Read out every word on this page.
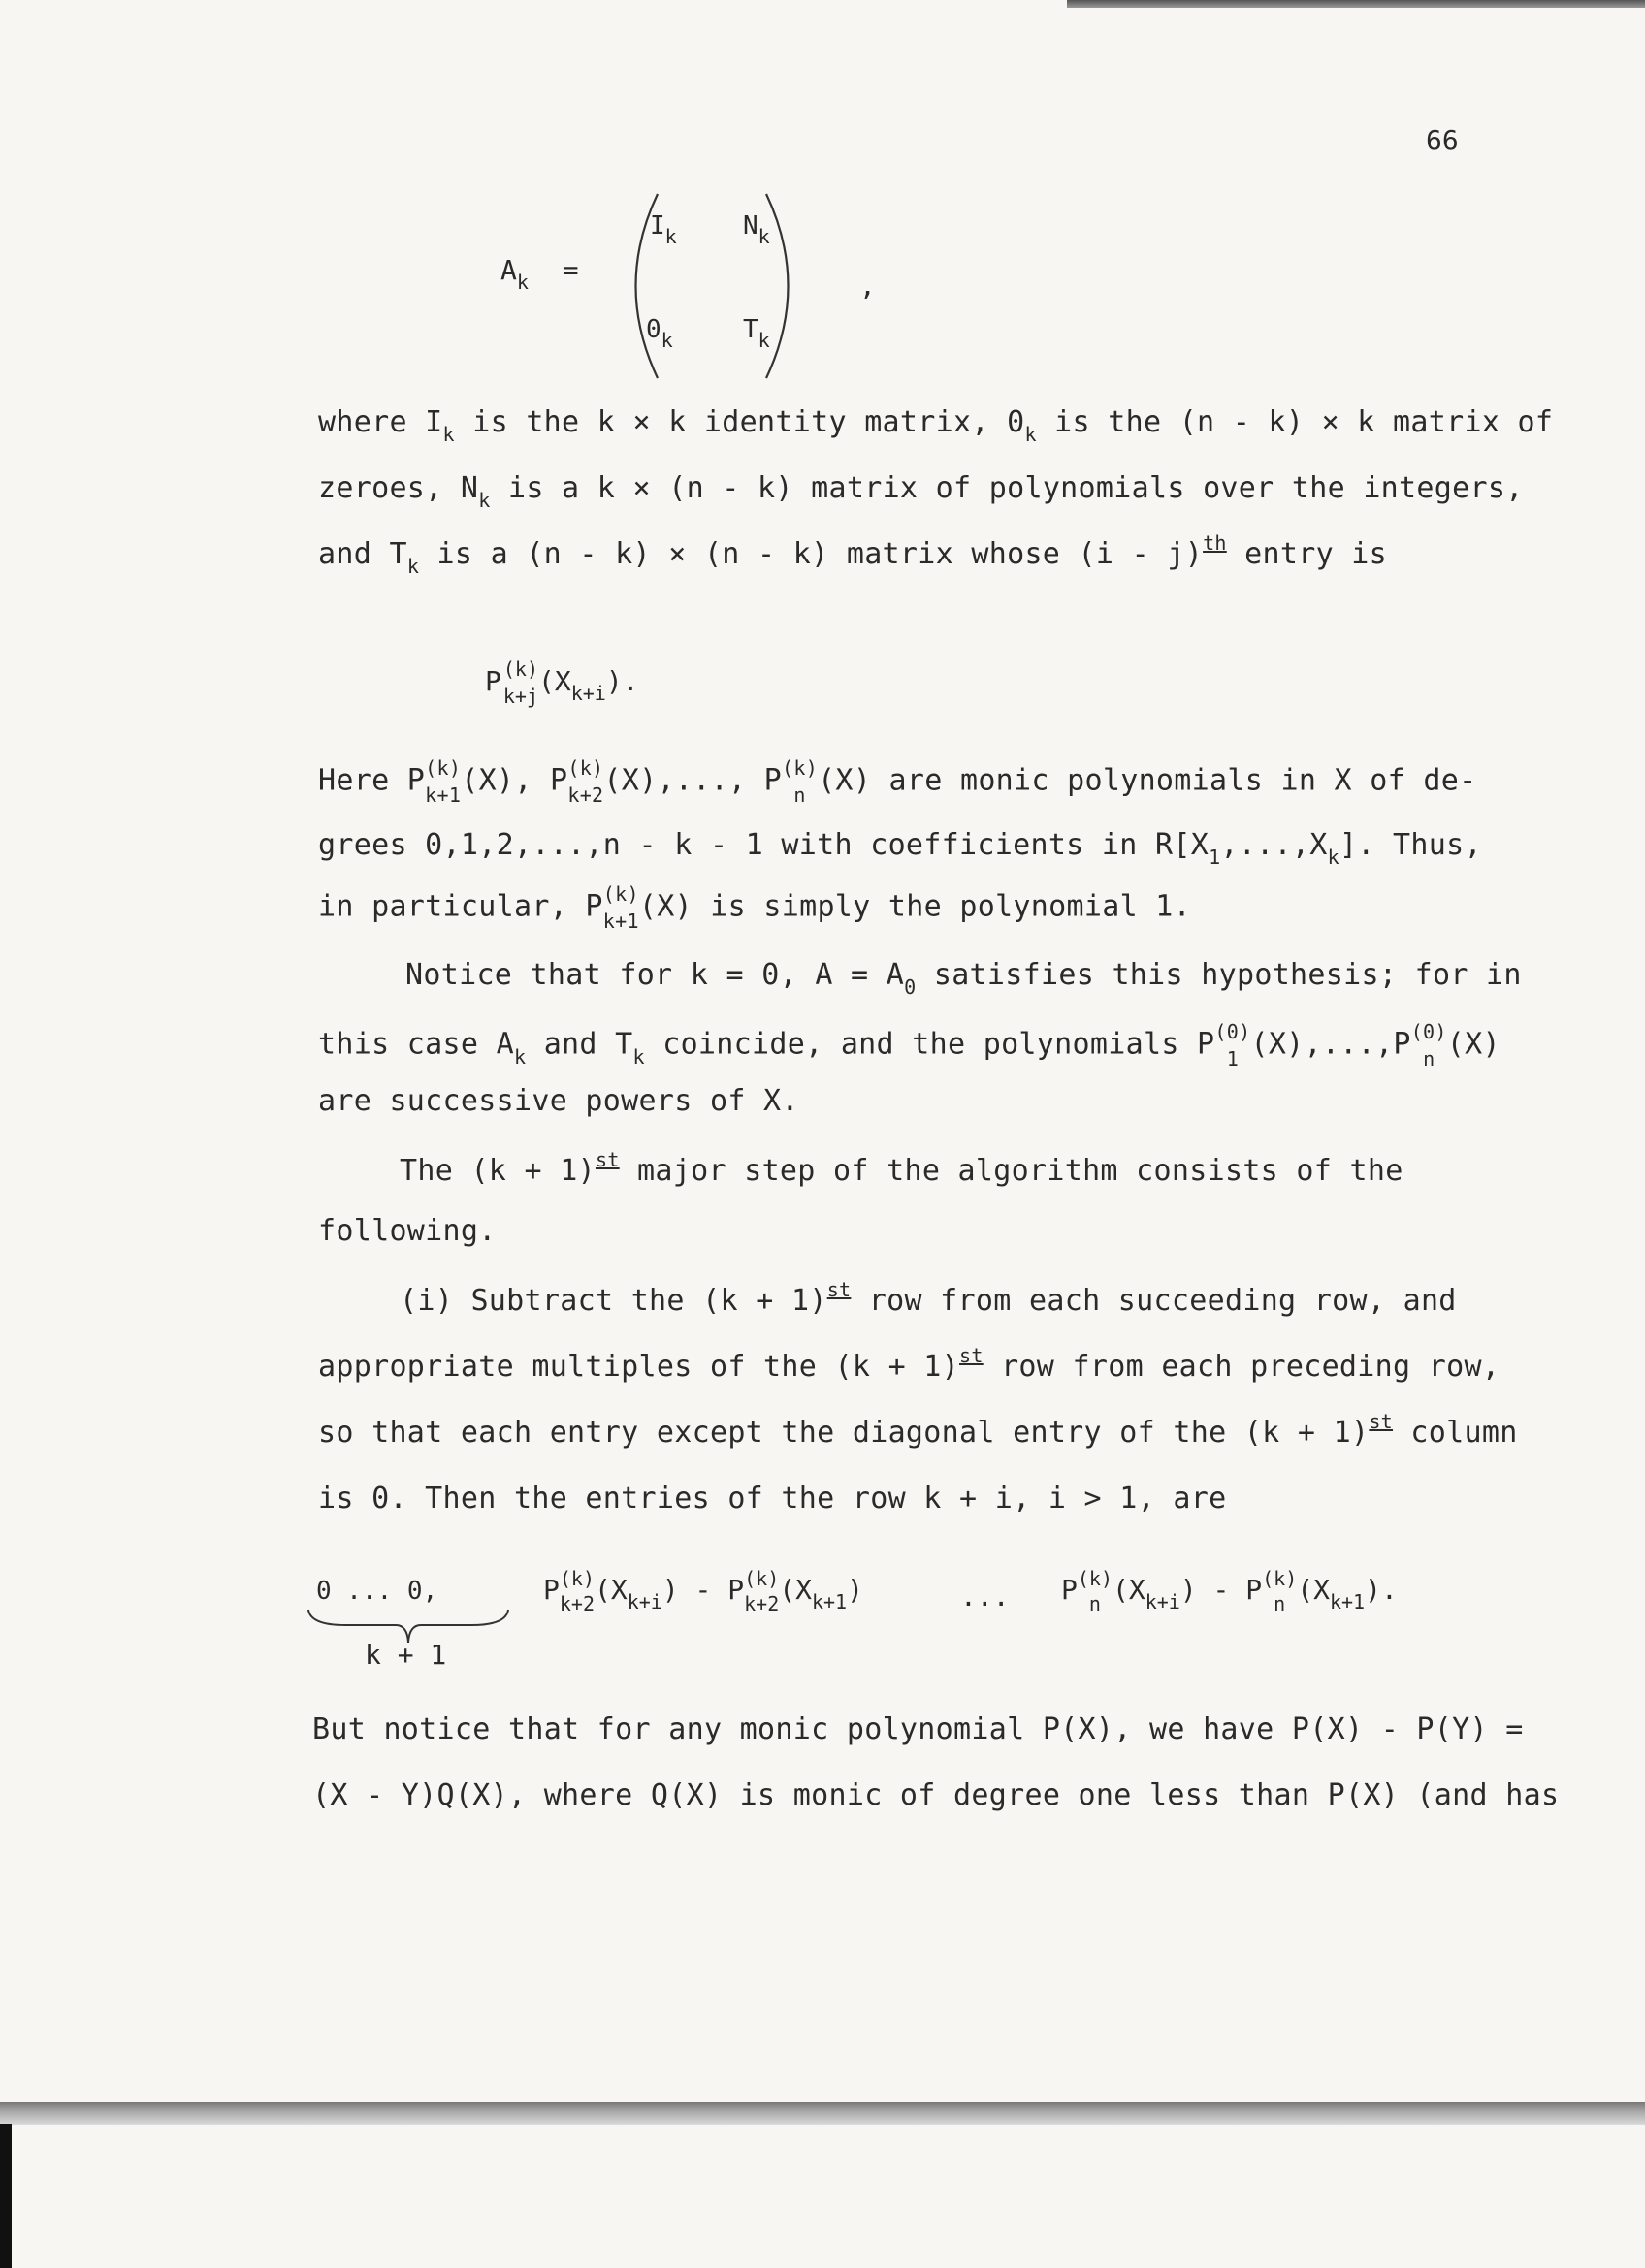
66
$A_k$ =
$I_k$	$N_k$
$0_k$	$T_k$
,
where $I_k$ is the k × k identity matrix, $0_k$ is the (n - k) × k matrix of
zeroes, $N_k$ is a k × (n - k) matrix of polynomials over the integers,
and $T_k$ is a (n - k) × (n - k) matrix whose (i - j)$^{th}$ entry is
P (k)
k+j $(X_{k+i})$.
Here P (k)
k+1 (X), P (k)
k+2 (X),..., P (k)
n (X) are monic polynomials in X of de-
grees 0,1,2,...,n - k - 1 with coefficients in $R[X_1,...,X_k]$. Thus,
in particular, P (k)
k+1 (X) is simply the polynomial 1.
Notice that for k = 0, $A = A_0$ satisfies this hypothesis; for in
this case $A_k$ and $T_k$ coincide, and the polynomials P (0)
1 (X),...,P (0)
n (X)
are successive powers of X.
The $(k + 1)^{st}$ major step of the algorithm consists of the
following.
(i) Subtract the $(k + 1)^{st}$ row from each succeeding row, and
appropriate multiples of the $(k + 1)^{st}$ row from each preceding row,
so that each entry except the diagonal entry of the $(k + 1)^{st}$ column
is 0. Then the entries of the row k + i, i > 1, are
0 ... 0,
k + 1
P (k)
k+2 $(X_{k+i})$ - P (k)
k+2 $(X_{k+1})$	... P (k)
n $(X_{k+i})$ - P (k)
n $(X_{k+1})$.
But notice that for any monic polynomial P(X), we have P(X) - P(Y) =
(X - Y)Q(X), where Q(X) is monic of degree one less than P(X) (and has
